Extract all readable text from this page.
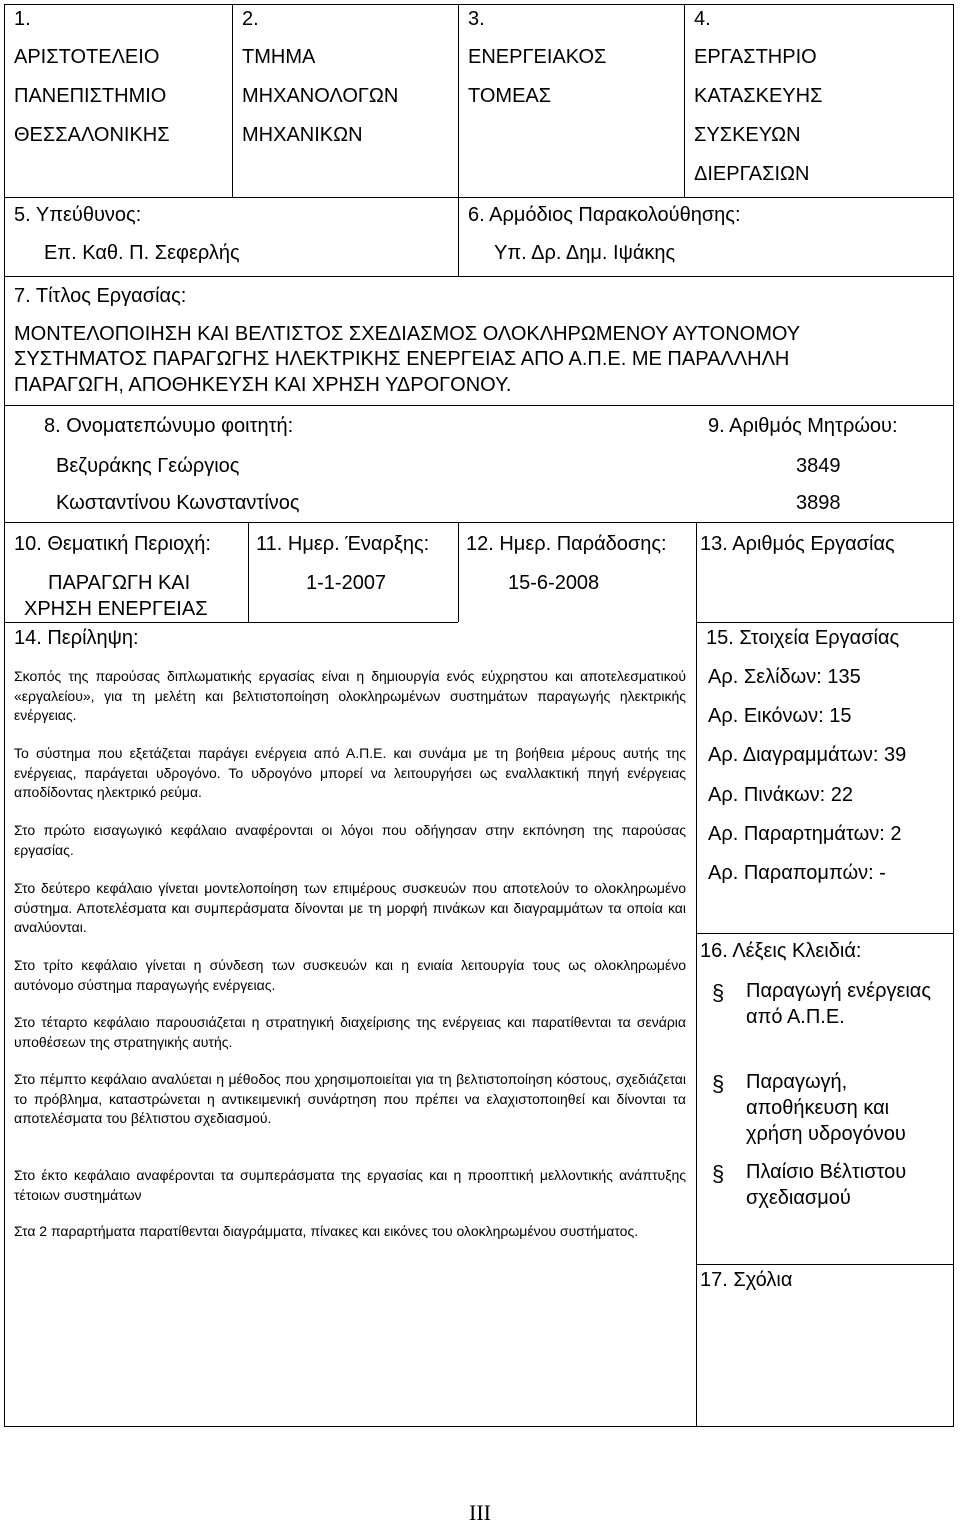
1.
ΑΡΙΣΤΟΤΕΛΕΙΟ
ΠΑΝΕΠΙΣΤΗΜΙΟ
ΘΕΣΣΑΛΟΝΙΚΗΣ
2.
ΤΜΗΜΑ
ΜΗΧΑΝΟΛΟΓΩΝ
ΜΗΧΑΝΙΚΩΝ
3.
ΕΝΕΡΓΕΙΑΚΟΣ
ΤΟΜΕΑΣ
4.
ΕΡΓΑΣΤΗΡΙΟ
ΚΑΤΑΣΚΕΥΗΣ
ΣΥΣΚΕΥΩΝ
ΔΙΕΡΓΑΣΙΩΝ
5. Υπεύθυνος:
Επ. Καθ. Π. Σεφερλής
6. Αρμόδιος Παρακολούθησης:
Υπ. Δρ. Δημ. Ιψάκης
7. Τίτλος Εργασίας:
ΜΟΝΤΕΛΟΠΟΙΗΣΗ ΚΑΙ ΒΕΛΤΙΣΤΟΣ ΣΧΕΔΙΑΣΜΟΣ ΟΛΟΚΛΗΡΩΜΕΝΟΥ ΑΥΤΟΝΟΜΟΥ
ΣΥΣΤΗΜΑΤΟΣ ΠΑΡΑΓΩΓΗΣ ΗΛΕΚΤΡΙΚΗΣ ΕΝΕΡΓΕΙΑΣ ΑΠΟ Α.Π.Ε. ΜΕ ΠΑΡΑΛΛΗΛΗ
ΠΑΡΑΓΩΓΗ, ΑΠΟΘΗΚΕΥΣΗ ΚΑΙ ΧΡΗΣΗ ΥΔΡΟΓΟΝΟΥ.
8. Ονοματεπώνυμο φοιτητή:	9. Αριθμός Μητρώου:
Βεζυράκης Γεώργιος	3849
Κωσταντίνου Κωνσταντίνος	3898
10. Θεματική Περιοχή:
ΠΑΡΑΓΩΓΗ ΚΑΙ
ΧΡΗΣΗ ΕΝΕΡΓΕΙΑΣ
11. Ημερ. Έναρξης:
1-1-2007
12. Ημερ. Παράδοσης:
15-6-2008
13. Αριθμός Εργασίας
14. Περίληψη:
Σκοπός της παρούσας διπλωματικής εργασίας είναι η δημιουργία ενός εύχρηστου και αποτελεσματικού «εργαλείου», για τη μελέτη και βελτιστοποίηση ολοκληρωμένων συστημάτων παραγωγής ηλεκτρικής ενέργειας.
Το σύστημα που εξετάζεται παράγει ενέργεια από Α.Π.Ε. και συνάμα με τη βοήθεια μέρους αυτής της ενέργειας, παράγεται υδρογόνο. Το υδρογόνο μπορεί να λειτουργήσει ως εναλλακτική πηγή ενέργειας αποδίδοντας ηλεκτρικό ρεύμα.
Στο πρώτο εισαγωγικό κεφάλαιο αναφέρονται οι λόγοι που οδήγησαν στην εκπόνηση της παρούσας εργασίας.
Στο δεύτερο κεφάλαιο γίνεται μοντελοποίηση των επιμέρους συσκευών που αποτελούν το ολοκληρωμένο σύστημα. Αποτελέσματα και συμπεράσματα δίνονται με τη μορφή πινάκων και διαγραμμάτων τα οποία και αναλύονται.
Στο τρίτο κεφάλαιο γίνεται η σύνδεση των συσκευών και η ενιαία λειτουργία τους ως ολοκληρωμένο αυτόνομο σύστημα παραγωγής ενέργειας.
Στο τέταρτο κεφάλαιο παρουσιάζεται η στρατηγική διαχείρισης της ενέργειας και παρατίθενται τα σενάρια υποθέσεων της στρατηγικής αυτής.
Στο πέμπτο κεφάλαιο αναλύεται η μέθοδος που χρησιμοποιείται για τη βελτιστοποίηση κόστους, σχεδιάζεται το πρόβλημα, καταστρώνεται η αντικειμενική συνάρτηση που πρέπει να ελαχιστοποιηθεί και δίνονται τα αποτελέσματα του βέλτιστου σχεδιασμού.
Στο έκτο κεφάλαιο αναφέρονται τα συμπεράσματα της εργασίας και η προοπτική μελλοντικής ανάπτυξης τέτοιων συστημάτων
Στα 2 παραρτήματα παρατίθενται διαγράμματα, πίνακες και εικόνες του ολοκληρωμένου συστήματος.
15. Στοιχεία Εργασίας
Αρ. Σελίδων: 135
Αρ. Εικόνων: 15
Αρ. Διαγραμμάτων: 39
Αρ. Πινάκων: 22
Αρ. Παραρτημάτων: 2
Αρ. Παραπομπών: -
16. Λέξεις Κλειδιά:
§ Παραγωγή ενέργειας από Α.Π.Ε.
§ Παραγωγή, αποθήκευση και χρήση υδρογόνου
§ Πλαίσιο Βέλτιστου σχεδιασμού
17. Σχόλια
III
